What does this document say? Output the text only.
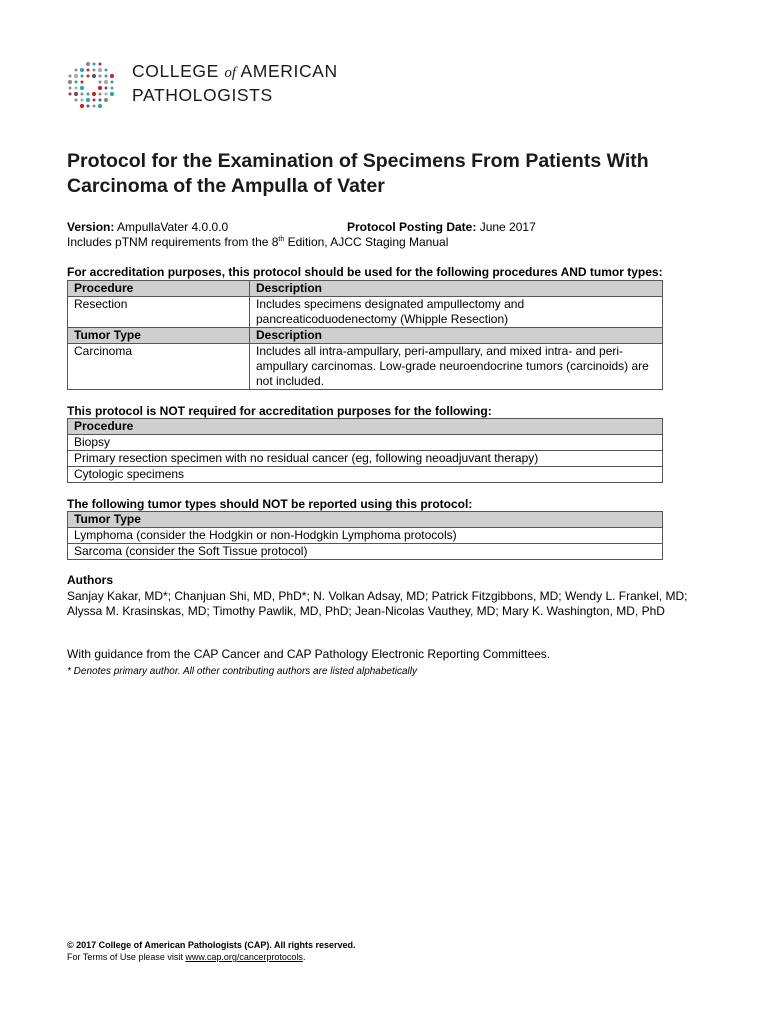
COLLEGE of AMERICAN
PATHOLOGISTS
Protocol for the Examination of Specimens From Patients With Carcinoma of the Ampulla of Vater
Version: AmpullaVater 4.0.0.0	Protocol Posting Date: June 2017
Includes pTNM requirements from the 8th Edition, AJCC Staging Manual
For accreditation purposes, this protocol should be used for the following procedures AND tumor types:
Procedure	Description
Resection	Includes specimens designated ampullectomy and pancreaticoduodenectomy (Whipple Resection)
Tumor Type	Description
Carcinoma	Includes all intra-ampullary, peri-ampullary, and mixed intra- and peri-ampullary carcinomas. Low-grade neuroendocrine tumors (carcinoids) are not included.
This protocol is NOT required for accreditation purposes for the following:
Procedure
Biopsy
Primary resection specimen with no residual cancer (eg, following neoadjuvant therapy)
Cytologic specimens
The following tumor types should NOT be reported using this protocol:
Tumor Type
Lymphoma (consider the Hodgkin or non-Hodgkin Lymphoma protocols)
Sarcoma (consider the Soft Tissue protocol)
Authors
Sanjay Kakar, MD*; Chanjuan Shi, MD, PhD*; N. Volkan Adsay, MD; Patrick Fitzgibbons, MD; Wendy L. Frankel, MD; Alyssa M. Krasinskas, MD; Timothy Pawlik, MD, PhD; Jean-Nicolas Vauthey, MD; Mary K. Washington, MD, PhD
With guidance from the CAP Cancer and CAP Pathology Electronic Reporting Committees.
* Denotes primary author. All other contributing authors are listed alphabetically
© 2017 College of American Pathologists (CAP). All rights reserved.
For Terms of Use please visit www.cap.org/cancerprotocols.
